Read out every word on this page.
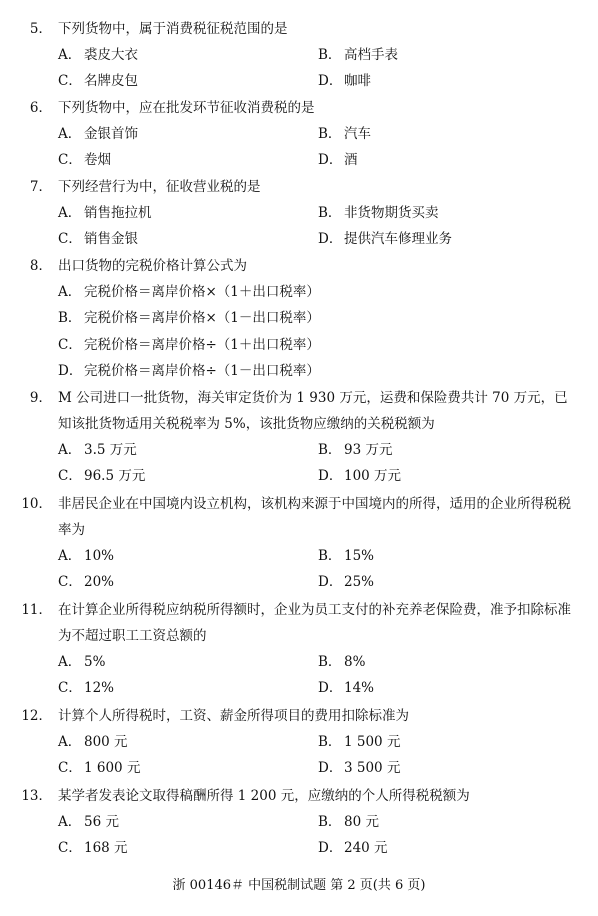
5． 下列货物中，属于消费税征税范围的是
A． 裘皮大衣	B． 高档手表
C． 名牌皮包	D． 咖啡
6． 下列货物中，应在批发环节征收消费税的是
A． 金银首饰	B． 汽车
C． 卷烟	D． 酒
7． 下列经营行为中，征收营业税的是
A． 销售拖拉机	B． 非货物期货买卖
C． 销售金银	D． 提供汽车修理业务
8． 出口货物的完税价格计算公式为
A． 完税价格＝离岸价格×（1＋出口税率）
B． 完税价格＝离岸价格×（1－出口税率）
C． 完税价格＝离岸价格÷（1＋出口税率）
D． 完税价格＝离岸价格÷（1－出口税率）
9． M 公司进口一批货物，海关审定货价为 1 930 万元，运费和保险费共计 70 万元，已知该批货物适用关税税率为 5%，该批货物应缴纳的关税税额为
A． 3.5 万元	B． 93 万元
C． 96.5 万元	D． 100 万元
10． 非居民企业在中国境内设立机构，该机构来源于中国境内的所得，适用的企业所得税税率为
A． 10%	B． 15%
C． 20%	D． 25%
11． 在计算企业所得税应纳税所得额时，企业为员工支付的补充养老保险费，准予扣除标准为不超过职工工资总额的
A． 5%	B． 8%
C． 12%	D． 14%
12． 计算个人所得税时，工资、薪金所得项目的费用扣除标准为
A． 800 元	B． 1 500 元
C． 1 600 元	D． 3 500 元
13． 某学者发表论文取得稿酬所得 1 200 元，应缴纳的个人所得税税额为
A． 56 元	B． 80 元
C． 168 元	D． 240 元
浙 00146＃ 中国税制试题 第 2 页(共 6 页)
